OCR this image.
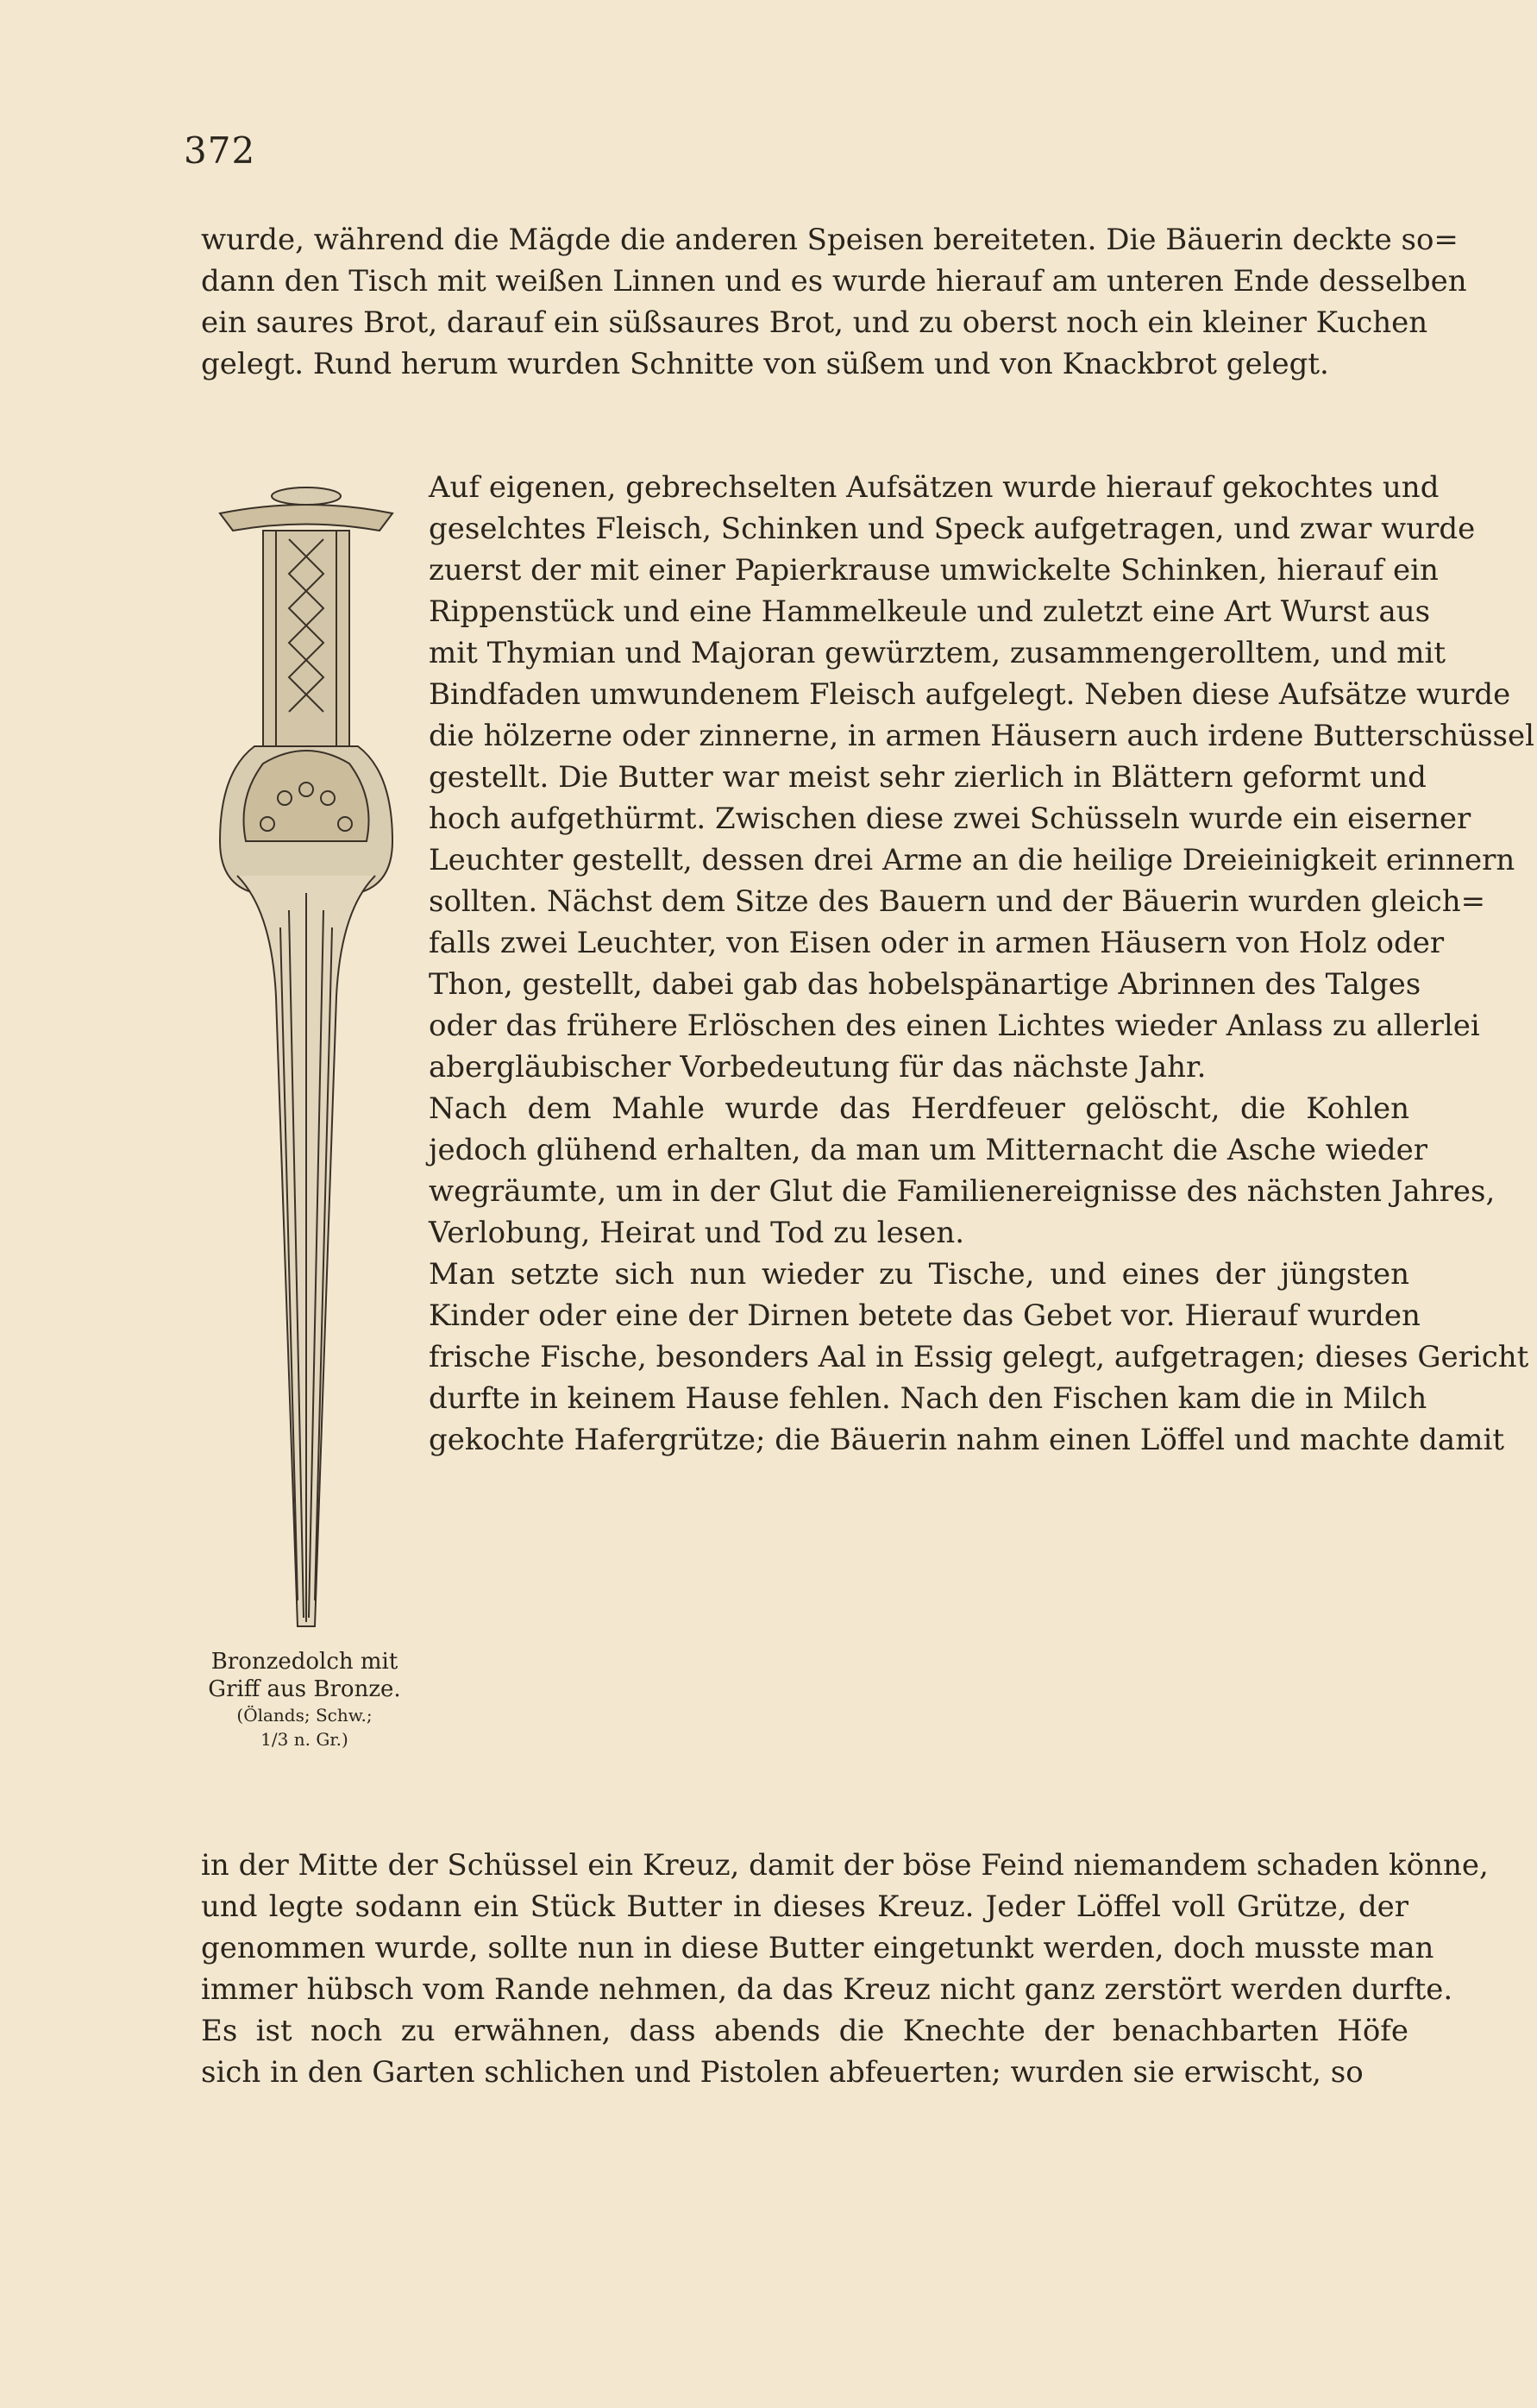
372
wurde, während die Mägde die anderen Speisen bereiteten. Die Bäuerin deckte so=
dann den Tisch mit weißen Linnen und es wurde hierauf am unteren Ende desselben
ein saures Brot, darauf ein süßsaures Brot, und zu oberst noch ein kleiner Kuchen
gelegt. Rund herum wurden Schnitte von süßem und von Knackbrot gelegt.
Auf eigenen, gebrechselten Aufsätzen wurde hierauf gekochtes und
geselchtes Fleisch, Schinken und Speck aufgetragen, und zwar wurde
zuerst der mit einer Papierkrause umwickelte Schinken, hierauf ein
Rippenstück und eine Hammelkeule und zuletzt eine Art Wurst aus
mit Thymian und Majoran gewürztem, zusammengerolltem, und mit
Bindfaden umwundenem Fleisch aufgelegt. Neben diese Aufsätze wurde
die hölzerne oder zinnerne, in armen Häusern auch irdene Butterschüssel
gestellt. Die Butter war meist sehr zierlich in Blättern geformt und
hoch aufgethürmt. Zwischen diese zwei Schüsseln wurde ein eiserner
Leuchter gestellt, dessen drei Arme an die heilige Dreieinigkeit erinnern
sollten. Nächst dem Sitze des Bauern und der Bäuerin wurden gleich=
falls zwei Leuchter, von Eisen oder in armen Häusern von Holz oder
Thon, gestellt, dabei gab das hobelspänartige Abrinnen des Talges
oder das frühere Erlöschen des einen Lichtes wieder Anlass zu allerlei
abergläubischer Vorbedeutung für das nächste Jahr.
Nach dem Mahle wurde das Herdfeuer gelöscht, die Kohlen
jedoch glühend erhalten, da man um Mitternacht die Asche wieder
wegräumte, um in der Glut die Familienereignisse des nächsten Jahres,
Verlobung, Heirat und Tod zu lesen.
Man setzte sich nun wieder zu Tische, und eines der jüngsten
Kinder oder eine der Dirnen betete das Gebet vor. Hierauf wurden
frische Fische, besonders Aal in Essig gelegt, aufgetragen; dieses Gericht
durfte in keinem Hause fehlen. Nach den Fischen kam die in Milch
gekochte Hafergrütze; die Bäuerin nahm einen Löffel und machte damit
in der Mitte der Schüssel ein Kreuz, damit der böse Feind niemandem schaden könne,
und legte sodann ein Stück Butter in dieses Kreuz. Jeder Löffel voll Grütze, der
genommen wurde, sollte nun in diese Butter eingetunkt werden, doch musste man
immer hübsch vom Rande nehmen, da das Kreuz nicht ganz zerstört werden durfte.
Es ist noch zu erwähnen, dass abends die Knechte der benachbarten Höfe
sich in den Garten schlichen und Pistolen abfeuerten; wurden sie erwischt, so
Bronzedolch mit
Griff aus Bronze.
(Ölands; Schw.;
1/3 n. Gr.)
